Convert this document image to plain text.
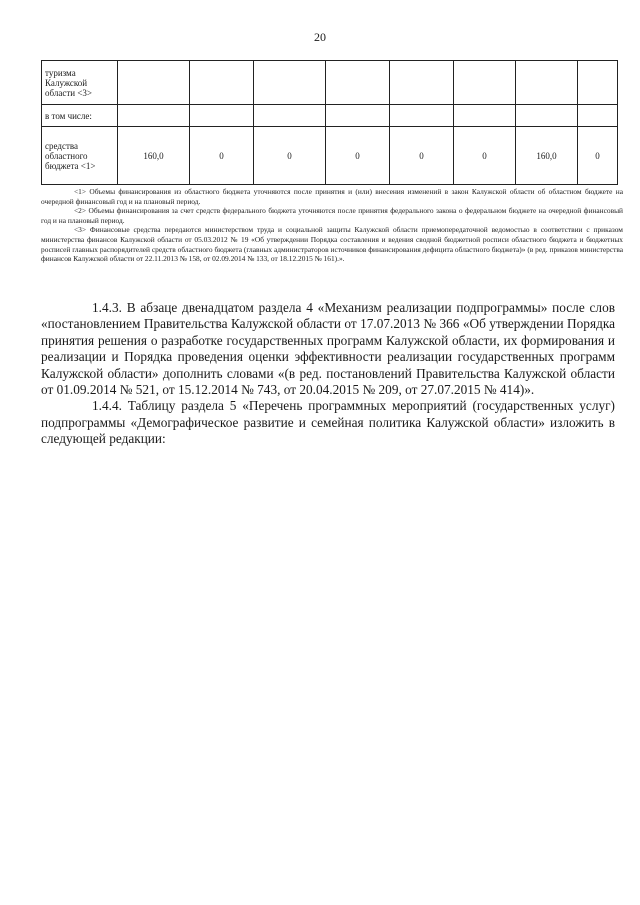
20
туризма Калужской области <3>								
в том числе:								
средства областного бюджета <1>	160,0	0	0	0	0	0	160,0	0

<1> Объемы финансирования из областного бюджета уточняются после принятия и (или) внесения изменений в закон Калужской области об областном бюджете на очередной финансовый год и на плановый период.

<2> Объемы финансирования за счет средств федерального бюджета уточняются после принятия федерального закона о федеральном бюджете на очередной финансовый год и на плановый период.

<3> Финансовые средства передаются министерством труда и социальной защиты Калужской области приемопередаточной ведомостью в соответствии с приказом министерства финансов Калужской области от 05.03.2012 № 19 «Об утверждении Порядка составления и ведения сводной бюджетной росписи областного бюджета и бюджетных росписей главных распорядителей средств областного бюджета (главных администраторов источников финансирования дефицита областного бюджета)» (в ред. приказов министерства финансов Калужской области от 22.11.2013 № 158, от 02.09.2014 № 133, от 18.12.2015 № 161).».

1.4.3. В абзаце двенадцатом раздела 4 «Механизм реализации подпрограммы» после слов «постановлением Правительства Калужской области от 17.07.2013 № 366 «Об утверждении Порядка принятия решения о разработке государственных программ Калужской области, их формирования и реализации и Порядка проведения оценки эффективности реализации государственных программ Калужской области» дополнить словами «(в ред. постановлений Правительства Калужской области от 01.09.2014 № 521, от 15.12.2014 № 743, от 20.04.2015 № 209, от 27.07.2015 № 414)».

1.4.4. Таблицу раздела 5 «Перечень программных мероприятий (государственных услуг) подпрограммы «Демографическое развитие и семейная политика Калужской области» изложить в следующей редакции:
